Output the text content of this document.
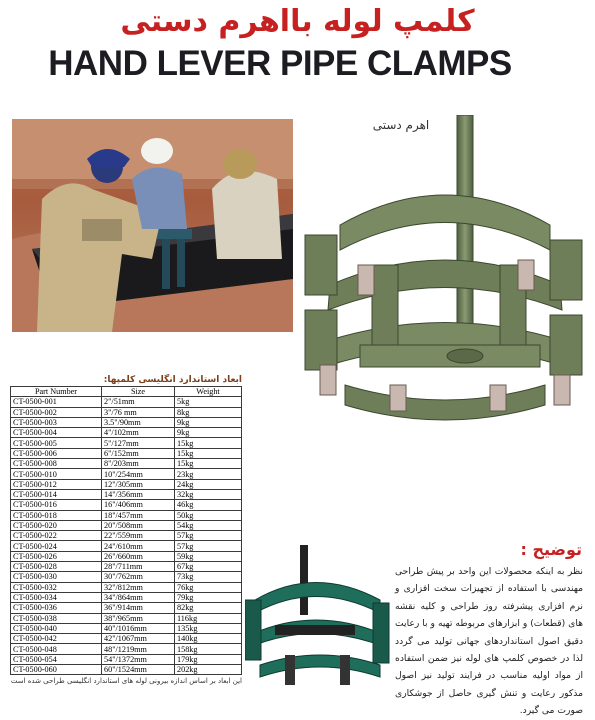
کلمپ لوله بااهرم دستی
HAND LEVER PIPE CLAMPS
اهرم دستی
ابعاد استاندارد انگلیسی کلمپها:
Part Number	Size	Weight
CT-0500-001	2"/51mm	5kg
CT-0500-002	3"/76 mm	8kg
CT-0500-003	3.5"/90mm	9kg
CT-0500-004	4"/102mm	9kg
CT-0500-005	5"/127mm	15kg
CT-0500-006	6"/152mm	15kg
CT-0500-008	8"/203mm	15kg
CT-0500-010	10"/254mm	23kg
CT-0500-012	12"/305mm	24kg
CT-0500-014	14"/356mm	32kg
CT-0500-016	16"/406mm	46kg
CT-0500-018	18"/457mm	50kg
CT-0500-020	20"/508mm	54kg
CT-0500-022	22"/559mm	57kg
CT-0500-024	24"/610mm	57kg
CT-0500-026	26"/660mm	59kg
CT-0500-028	28"/711mm	67kg
CT-0500-030	30"/762mm	73kg
CT-0500-032	32"/812mm	76kg
CT-0500-034	34"/864mm	79kg
CT-0500-036	36"/914mm	82kg
CT-0500-038	38"/965mm	116kg
CT-0500-040	40"/1016mm	135kg
CT-0500-042	42"/1067mm	140kg
CT-0500-048	48"/1219mm	158kg
CT-0500-054	54"/1372mm	179kg
CT-0500-060	60"/1524mm	202kg
این ابعاد بر اساس اندازه بیرونی لوله های استاندارد انگلیسی طراحی شده است
توضیح :
نظر به اینکه محصولات این واحد بر پیش طراحی مهندسی با استفاده از تجهیزات سخت افزاری و نرم افزاری پیشرفته روز طراحی و کلیه نقشه های (قطعات) و ابزارهای مربوطه تهیه و با رعایت دقیق اصول استانداردهای جهانی تولید می گردد لذا در خصوص کلمپ های لوله نیز ضمن استفاده از مواد اولیه مناسب در فرایند تولید نیز اصول مذکور رعایت و تنش گیری حاصل از جوشکاری صورت می گیرد.
